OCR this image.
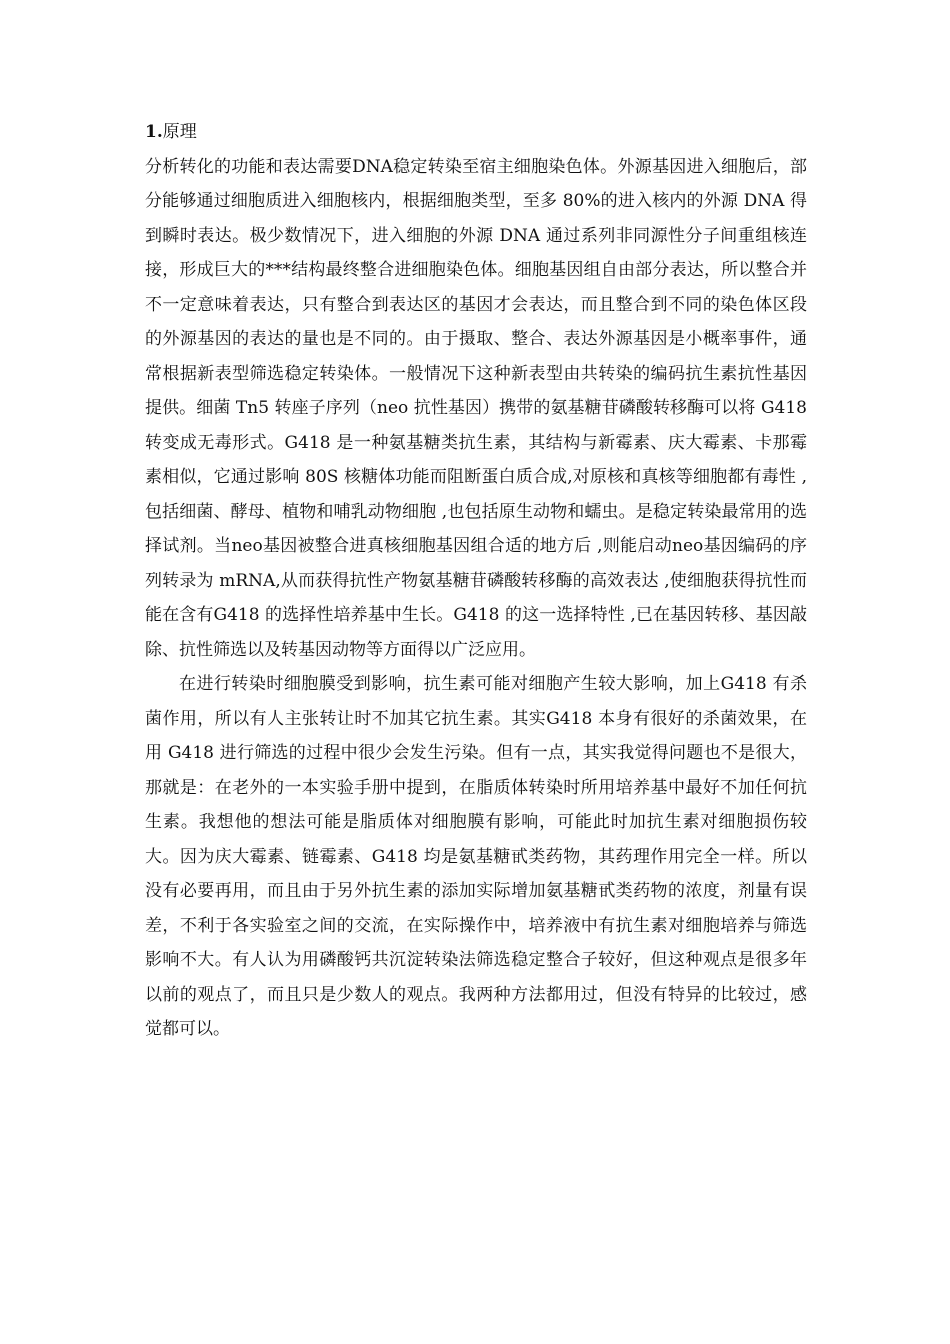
1.原理

分析转化的功能和表达需要DNA稳定转染至宿主细胞染色体。外源基因进入细胞后，部分能够通过细胞质进入细胞核内，根据细胞类型，至多 80%的进入核内的外源 DNA 得到瞬时表达。极少数情况下，进入细胞的外源 DNA 通过系列非同源性分子间重组核连接，形成巨大的***结构最终整合进细胞染色体。细胞基因组自由部分表达，所以整合并不一定意味着表达，只有整合到表达区的基因才会表达，而且整合到不同的染色体区段的外源基因的表达的量也是不同的。由于摄取、整合、表达外源基因是小概率事件，通常根据新表型筛选稳定转染体。一般情况下这种新表型由共转染的编码抗生素抗性基因提供。细菌 Tn5 转座子序列（neo 抗性基因）携带的氨基糖苷磷酸转移酶可以将 G418 转变成无毒形式。G418 是一种氨基糖类抗生素，其结构与新霉素、庆大霉素、卡那霉素相似，它通过影响 80S 核糖体功能而阻断蛋白质合成,对原核和真核等细胞都有毒性 ,包括细菌、酵母、植物和哺乳动物细胞 ,也包括原生动物和蠕虫。是稳定转染最常用的选择试剂。当neo基因被整合进真核细胞基因组合适的地方后 ,则能启动neo基因编码的序列转录为 mRNA,从而获得抗性产物氨基糖苷磷酸转移酶的高效表达 ,使细胞获得抗性而能在含有G418 的选择性培养基中生长。G418 的这一选择特性 ,已在基因转移、基因敲除、抗性筛选以及转基因动物等方面得以广泛应用。

在进行转染时细胞膜受到影响，抗生素可能对细胞产生较大影响，加上G418 有杀菌作用，所以有人主张转让时不加其它抗生素。其实G418 本身有很好的杀菌效果，在用 G418 进行筛选的过程中很少会发生污染。但有一点，其实我觉得问题也不是很大，那就是：在老外的一本实验手册中提到，在脂质体转染时所用培养基中最好不加任何抗生素。我想他的想法可能是脂质体对细胞膜有影响，可能此时加抗生素对细胞损伤较大。因为庆大霉素、链霉素、G418 均是氨基糖甙类药物，其药理作用完全一样。所以没有必要再用，而且由于另外抗生素的添加实际增加氨基糖甙类药物的浓度，剂量有误差，不利于各实验室之间的交流，在实际操作中，培养液中有抗生素对细胞培养与筛选影响不大。有人认为用磷酸钙共沉淀转染法筛选稳定整合子较好，但这种观点是很多年以前的观点了，而且只是少数人的观点。我两种方法都用过，但没有特异的比较过，感觉都可以。
